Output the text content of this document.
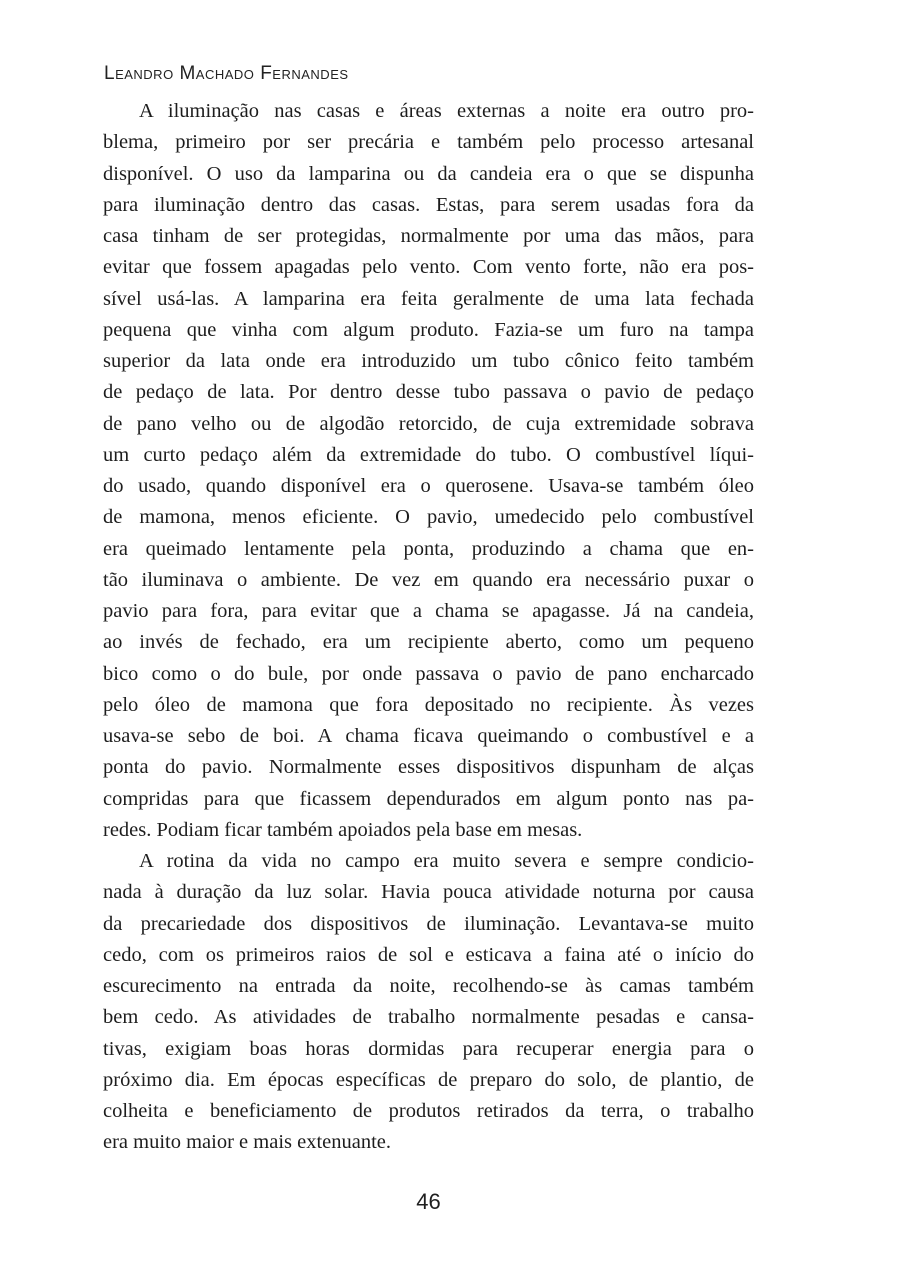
Leandro Machado Fernandes
A iluminação nas casas e áreas externas a noite era outro pro-
blema, primeiro por ser precária e também pelo processo artesanal
disponível. O uso da lamparina ou da candeia era o que se dispunha
para iluminação dentro das casas. Estas, para serem usadas fora da
casa tinham de ser protegidas, normalmente por uma das mãos, para
evitar que fossem apagadas pelo vento. Com vento forte, não era pos-
sível usá-las. A lamparina era feita geralmente de uma lata fechada
pequena que vinha com algum produto. Fazia-se um furo na tampa
superior da lata onde era introduzido um tubo cônico feito também
de pedaço de lata. Por dentro desse tubo passava o pavio de pedaço
de pano velho ou de algodão retorcido, de cuja extremidade sobrava
um curto pedaço além da extremidade do tubo. O combustível líqui-
do usado, quando disponível era o querosene. Usava-se também óleo
de mamona, menos eficiente. O pavio, umedecido pelo combustível
era queimado lentamente pela ponta, produzindo a chama que en-
tão iluminava o ambiente. De vez em quando era necessário puxar o
pavio para fora, para evitar que a chama se apagasse. Já na candeia,
ao invés de fechado, era um recipiente aberto, como um pequeno
bico como o do bule, por onde passava o pavio de pano encharcado
pelo óleo de mamona que fora depositado no recipiente. Às vezes
usava-se sebo de boi. A chama ficava queimando o combustível e a
ponta do pavio. Normalmente esses dispositivos dispunham de alças
compridas para que ficassem dependurados em algum ponto nas pa-
redes. Podiam ficar também apoiados pela base em mesas.
A rotina da vida no campo era muito severa e sempre condicio-
nada à duração da luz solar. Havia pouca atividade noturna por causa
da precariedade dos dispositivos de iluminação. Levantava-se muito
cedo, com os primeiros raios de sol e esticava a faina até o início do
escurecimento na entrada da noite, recolhendo-se às camas também
bem cedo. As atividades de trabalho normalmente pesadas e cansa-
tivas, exigiam boas horas dormidas para recuperar energia para o
próximo dia. Em épocas específicas de preparo do solo, de plantio, de
colheita e beneficiamento de produtos retirados da terra, o trabalho
era muito maior e mais extenuante.
46
